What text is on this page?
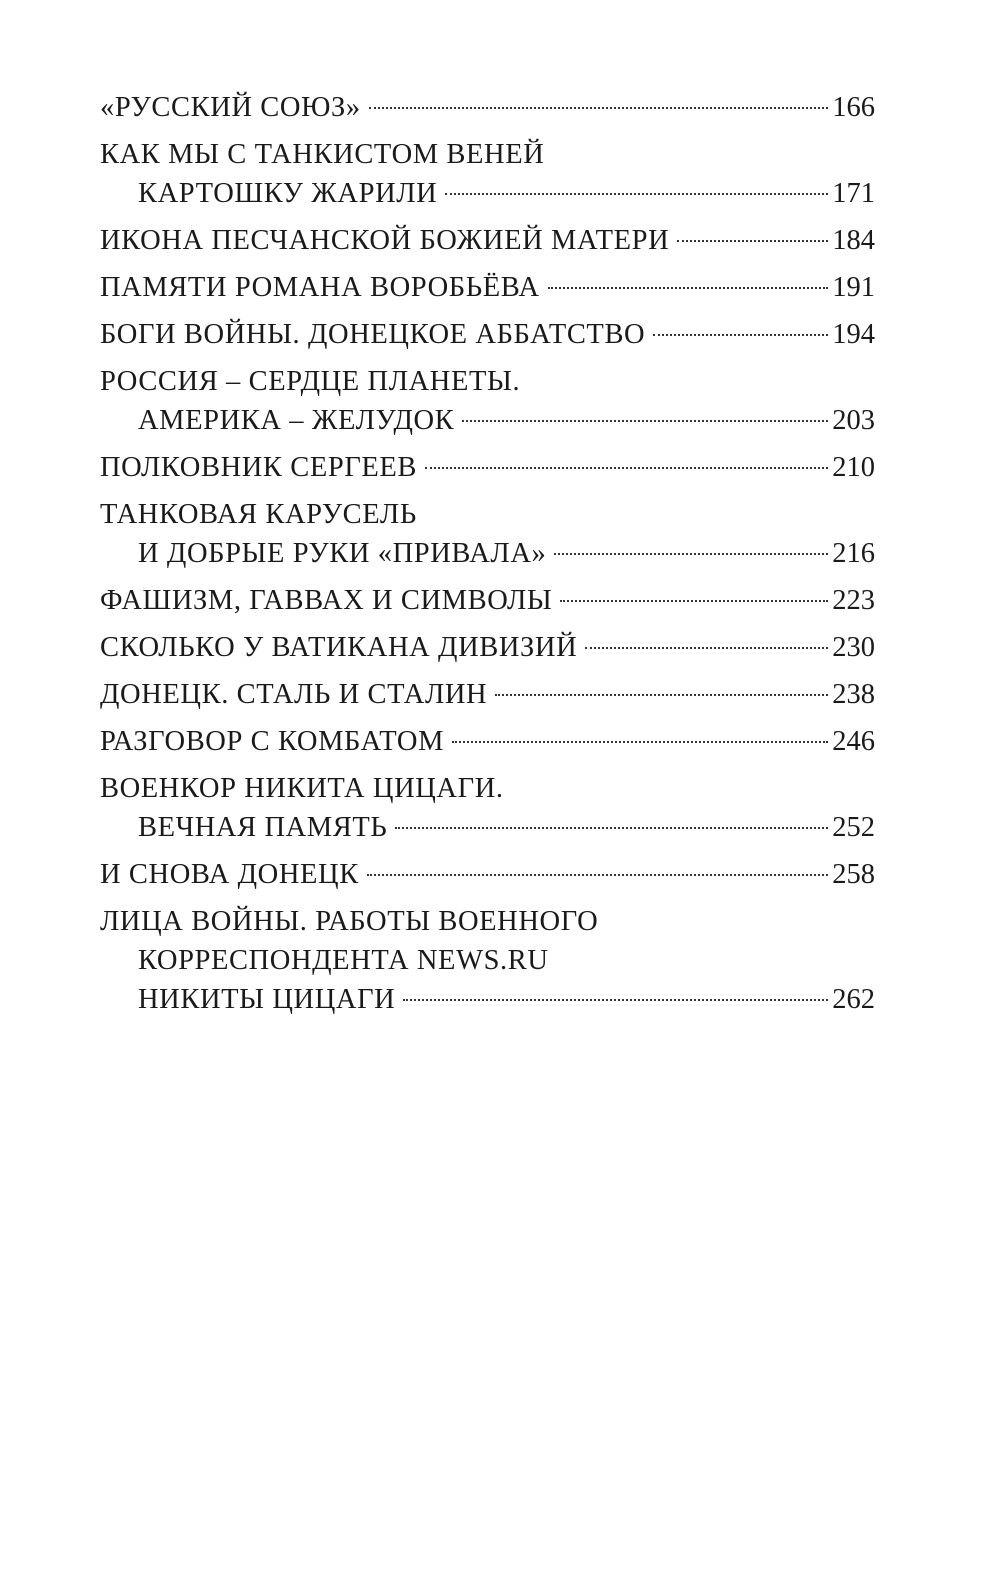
«РУССКИЙ СОЮЗ»	166
КАК МЫ С ТАНКИСТОМ ВЕНЕЙ
КАРТОШКУ ЖАРИЛИ	171
ИКОНА ПЕСЧАНСКОЙ БОЖИЕЙ МАТЕРИ	184
ПАМЯТИ РОМАНА ВОРОБЬЁВА	191
БОГИ ВОЙНЫ. ДОНЕЦКОЕ АББАТСТВО	194
РОССИЯ – СЕРДЦЕ ПЛАНЕТЫ.
АМЕРИКА – ЖЕЛУДОК	203
ПОЛКОВНИК СЕРГЕЕВ	210
ТАНКОВАЯ КАРУСЕЛЬ
И ДОБРЫЕ РУКИ «ПРИВАЛА»	216
ФАШИЗМ, ГАВВАХ И СИМВОЛЫ	223
СКОЛЬКО У ВАТИКАНА ДИВИЗИЙ	230
ДОНЕЦК. СТАЛЬ И СТАЛИН	238
РАЗГОВОР С КОМБАТОМ	246
ВОЕНКОР НИКИТА ЦИЦАГИ.
ВЕЧНАЯ ПАМЯТЬ	252
И СНОВА ДОНЕЦК	258
ЛИЦА ВОЙНЫ. РАБОТЫ ВОЕННОГО
КОРРЕСПОНДЕНТА NEWS.RU
НИКИТЫ ЦИЦАГИ	262
